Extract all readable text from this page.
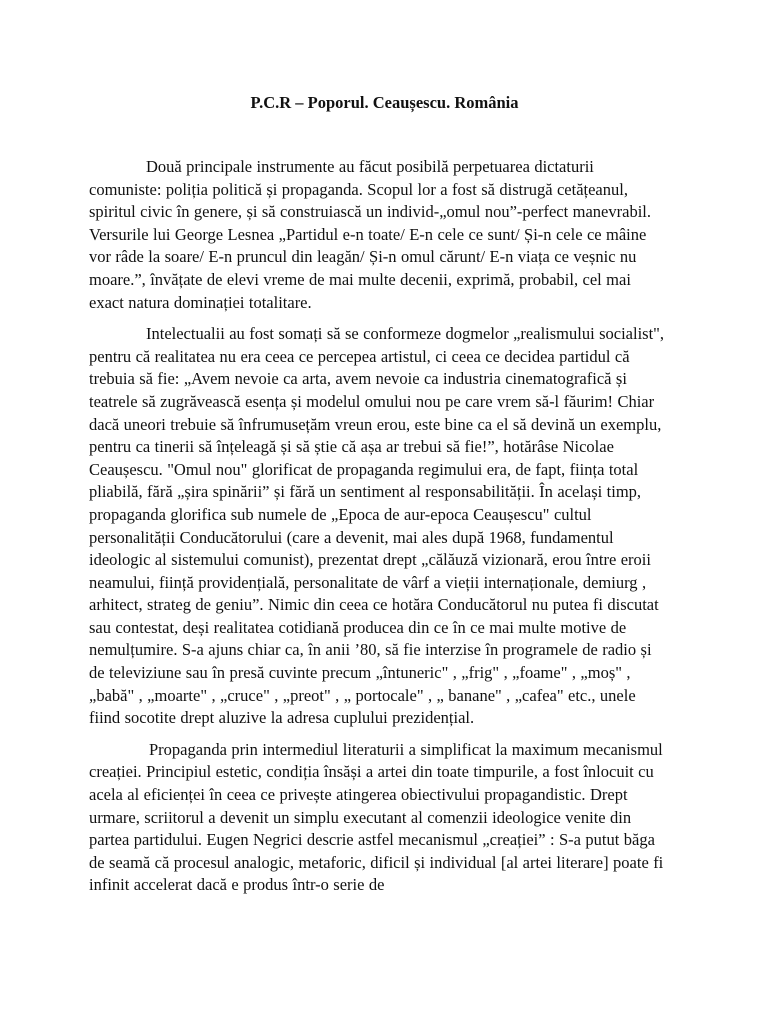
P.C.R – Poporul. Ceaușescu. România

Două principale instrumente au făcut posibilă perpetuarea dictaturii comuniste: poliția politică și propaganda. Scopul lor a fost să distrugă cetățeanul, spiritul civic în genere, și să construiască un individ-„omul nou”-perfect manevrabil. Versurile lui George Lesnea „Partidul e-n toate/ E-n cele ce sunt/ Și-n cele ce mâine vor râde la soare/ E-n pruncul din leagăn/ Și-n omul cărunt/ E-n viața ce veșnic nu moare.”, învățate de elevi vreme de mai multe decenii, exprimă, probabil, cel mai exact natura dominației totalitare.

Intelectualii au fost somați să se conformeze dogmelor „realismului socialist", pentru că realitatea nu era ceea ce percepea artistul, ci ceea ce decidea partidul că trebuia să fie: „Avem nevoie ca arta, avem nevoie ca industria cinematografică și teatrele să zugrăvească esența și modelul omului nou pe care vrem să-l făurim! Chiar dacă uneori trebuie să înfrumusețăm vreun erou, este bine ca el să devină un exemplu, pentru ca tinerii să înțeleagă și să știe că așa ar trebui să fie!”, hotărâse Nicolae Ceaușescu. "Omul nou" glorificat de propaganda regimului era, de fapt, ființa total pliabilă, fără „șira spinării” și fără un sentiment al responsabilității. În același timp, propaganda glorifica sub numele de „Epoca de aur-epoca Ceaușescu" cultul personalității Conducătorului (care a devenit, mai ales după 1968, fundamentul ideologic al sistemului comunist), prezentat drept „călăuză vizionară, erou între eroii neamului, ființă providențială, personalitate de vârf a vieții internaționale, demiurg , arhitect, strateg de geniu”. Nimic din ceea ce hotăra Conducătorul nu putea fi discutat sau contestat, deși realitatea cotidiană producea din ce în ce mai multe motive de nemulțumire. S-a ajuns chiar ca, în anii ’80, să fie interzise în programele de radio și de televiziune sau în presă cuvinte precum „întuneric" , „frig" , „foame" , „moș" , „babă" , „moarte" , „cruce" , „preot" , „ portocale" , „ banane" , „cafea" etc., unele fiind socotite drept aluzive la adresa cuplului prezidențial.

Propaganda prin intermediul literaturii a simplificat la maximum mecanismul creației. Principiul estetic, condiția însăși a artei din toate timpurile, a fost înlocuit cu acela al eficienței în ceea ce privește atingerea obiectivului propagandistic. Drept urmare, scriitorul a devenit un simplu executant al comenzii ideologice venite din partea partidului. Eugen Negrici descrie astfel mecanismul „creației” : S-a putut băga de seamă că procesul analogic, metaforic, dificil și individual [al artei literare] poate fi infinit accelerat dacă e produs într-o serie de
